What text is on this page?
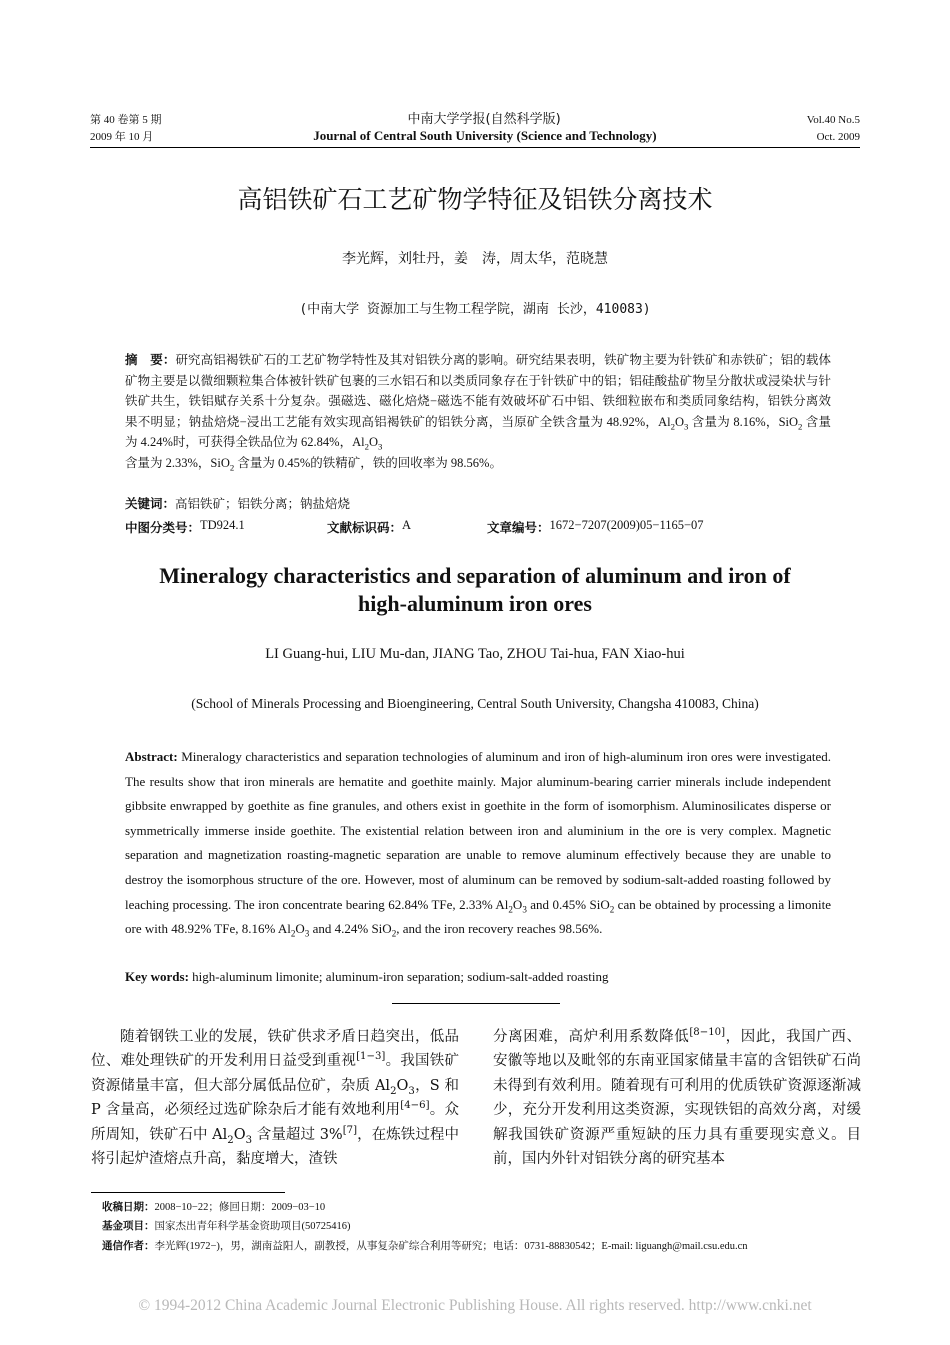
第 40 卷第 5 期	中南大学学报(自然科学版)	Vol.40 No.5
2009 年 10 月	Journal of Central South University (Science and Technology)	Oct. 2009
高铝铁矿石工艺矿物学特征及铝铁分离技术
李光辉，刘牡丹，姜　涛，周太华，范晓慧
(中南大学 资源加工与生物工程学院，湖南 长沙，410083)
摘　要：研究高铝褐铁矿石的工艺矿物学特性及其对铝铁分离的影响。研究结果表明，铁矿物主要为针铁矿和赤铁矿；铝的载体矿物主要是以微细颗粒集合体被针铁矿包裹的三水铝石和以类质同象存在于针铁矿中的铝；铝硅酸盐矿物呈分散状或浸染状与针铁矿共生，铁铝赋存关系十分复杂。强磁选、磁化焙烧−磁选不能有效破坏矿石中铝、铁细粒嵌布和类质同象结构，铝铁分离效果不明显；钠盐焙烧−浸出工艺能有效实现高铝褐铁矿的铝铁分离，当原矿全铁含量为 48.92%，$Al_2O_3$ 含量为 8.16%，SiO$_2$ 含量为 4.24%时，可获得全铁品位为 62.84%，$Al_2O_3$
含量为 2.33%，SiO$_2$ 含量为 0.45%的铁精矿，铁的回收率为 98.56%。
关键词：高铝铁矿；铝铁分离；钠盐焙烧
中图分类号： TD924.1	文献标识码： A	文章编号： 1672−7207(2009)05−1165−07
Mineralogy characteristics and separation of aluminum and iron of
high-aluminum iron ores
LI Guang-hui, LIU Mu-dan, JIANG Tao, ZHOU Tai-hua, FAN Xiao-hui
(School of Minerals Processing and Bioengineering, Central South University, Changsha 410083, China)
Abstract: Mineralogy characteristics and separation technologies of aluminum and iron of high-aluminum iron ores were investigated. The results show that iron minerals are hematite and goethite mainly. Major aluminum-bearing carrier minerals include independent gibbsite enwrapped by goethite as fine granules, and others exist in goethite in the form of isomorphism. Aluminosilicates disperse or symmetrically immerse inside goethite. The existential relation between iron and aluminium in the ore is very complex. Magnetic separation and magnetization roasting-magnetic separation are unable to remove aluminum effectively because they are unable to destroy the isomorphous structure of the ore. However, most of aluminum can be removed by sodium-salt-added roasting followed by leaching processing. The iron concentrate bearing 62.84% TFe, 2.33% $Al_2O_3$ and 0.45% SiO$_2$ can be obtained by processing a limonite ore with 48.92% TFe, 8.16% $Al_2O_3$ and 4.24% SiO$_2$, and the iron recovery reaches 98.56%.
Key words: high-aluminum limonite; aluminum-iron separation; sodium-salt-added roasting
随着钢铁工业的发展，铁矿供求矛盾日趋突出，低品位、难处理铁矿的开发利用日益受到重视[1−3]。我国铁矿资源储量丰富，但大部分属低品位矿，杂质 $Al_2O_3$，S 和 P 含量高，必须经过选矿除杂后才能有效地利用[4−6]。众所周知，铁矿石中 $Al_2O_3$ 含量超过 3%[7]，在炼铁过程中将引起炉渣熔点升高，黏度增大，渣铁
分离困难，高炉利用系数降低[8−10]，因此，我国广西、安徽等地以及毗邻的东南亚国家储量丰富的含铝铁矿石尚未得到有效利用。随着现有可利用的优质铁矿资源逐渐减少，充分开发利用这类资源，实现铁铝的高效分离，对缓解我国铁矿资源严重短缺的压力具有重要现实意义。目前，国内外针对铝铁分离的研究基本
收稿日期：2008−10−22；修回日期：2009−03−10
基金项目：国家杰出青年科学基金资助项目(50725416)
通信作者：李光辉(1972−)，男，湖南益阳人，副教授，从事复杂矿综合利用等研究；电话：0731-88830542；E-mail: liguangh@mail.csu.edu.cn
© 1994-2012 China Academic Journal Electronic Publishing House. All rights reserved. http://www.cnki.net
